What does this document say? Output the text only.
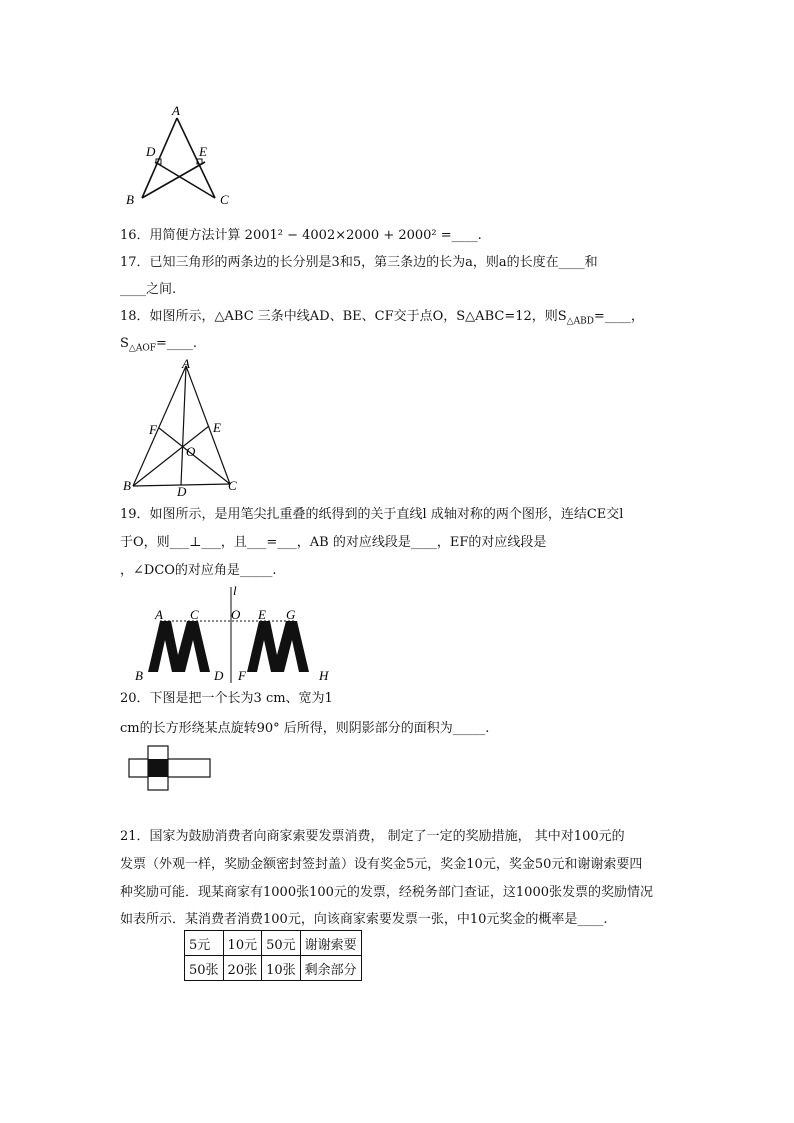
A
D	E
B	C
16．用简便方法计算 2001² − 4002×2000 + 2000² =____.
17．已知三角形的两条边的长分别是3和5，第三条边的长为a，则a的长度在____和
____之间.
18．如图所示，△ABC 三条中线AD、BE、CF交于点O，S△ABC=12，则$S_{\triangle ABD}=\_\_\_\_$，
$S_{\triangle AOF}=\_\_\_\_$.
A
F	E
O
B	D	C
19．如图所示，是用笔尖扎重叠的纸得到的关于直线l 成轴对称的两个图形，连结CE交l
于O，则___⊥___，且___=___，AB 的对应线段是____，EF的对应线段是
，∠DCO的对应角是_____.
l
A C O E G
B	D F	H
20．下图是把一个长为3 cm、宽为1
cm的长方形绕某点旋转90° 后所得，则阴影部分的面积为_____.
21．国家为鼓励消费者向商家索要发票消费， 制定了一定的奖励措施， 其中对100元的
发票（外观一样，奖励金额密封签封盖）设有奖金5元，奖金10元，奖金50元和谢谢索要四
种奖励可能．现某商家有1000张100元的发票，经税务部门查证，这1000张发票的奖励情况
如表所示．某消费者消费100元，向该商家索要发票一张，中10元奖金的概率是____.
5元	10元	50元	谢谢索要
50张	20张	10张	剩余部分
